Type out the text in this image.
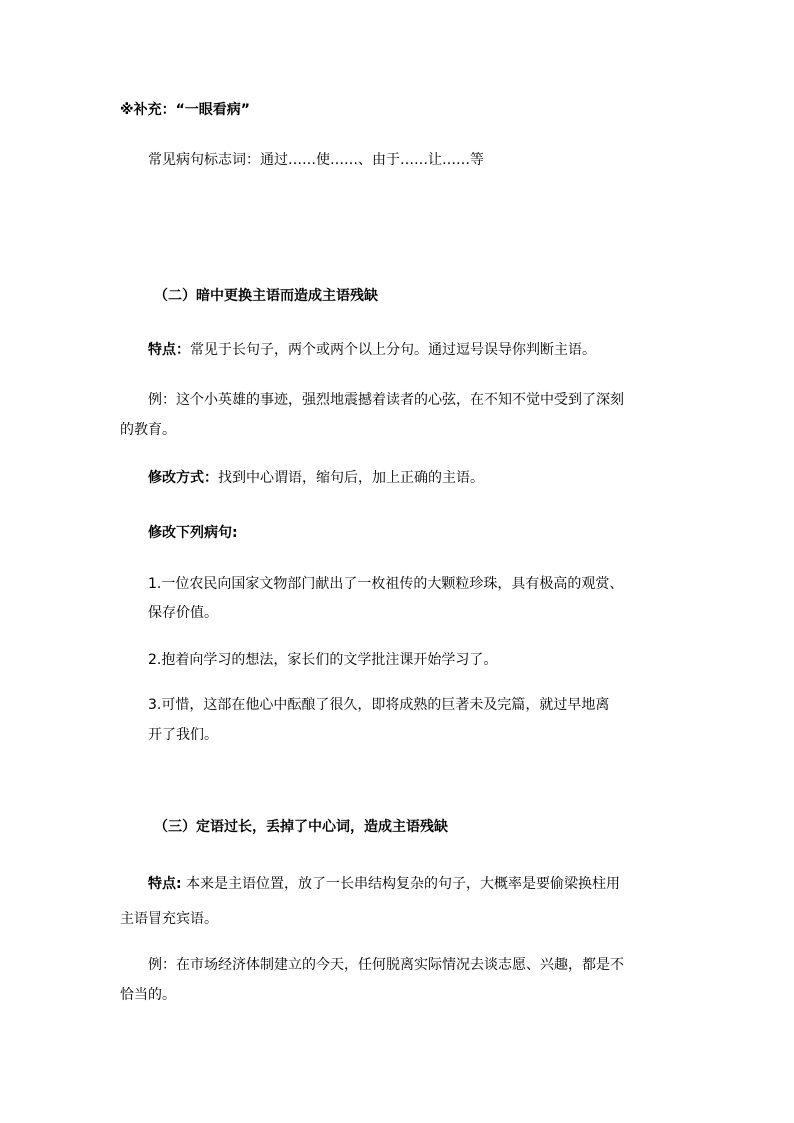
※补充：“一眼看病”
常见病句标志词：通过……使……、由于……让……等
（二）暗中更换主语而造成主语残缺
特点：常见于长句子，两个或两个以上分句。通过逗号误导你判断主语。
例：这个小英雄的事迹，强烈地震撼着读者的心弦，在不知不觉中受到了深刻
的教育。
修改方式：找到中心谓语，缩句后，加上正确的主语。
修改下列病句:
1.一位农民向国家文物部门献出了一枚祖传的大颗粒珍珠，具有极高的观赏、
保存价值。
2.抱着向学习的想法，家长们的文学批注课开始学习了。
3.可惜，这部在他心中酝酿了很久，即将成熟的巨著未及完篇，就过早地离
开了我们。
（三）定语过长，丢掉了中心词，造成主语残缺
特点: 本来是主语位置，放了一长串结构复杂的句子，大概率是要偷梁换柱用
主语冒充宾语。
例：在市场经济体制建立的今天，任何脱离实际情况去谈志愿、兴趣，都是不
恰当的。
